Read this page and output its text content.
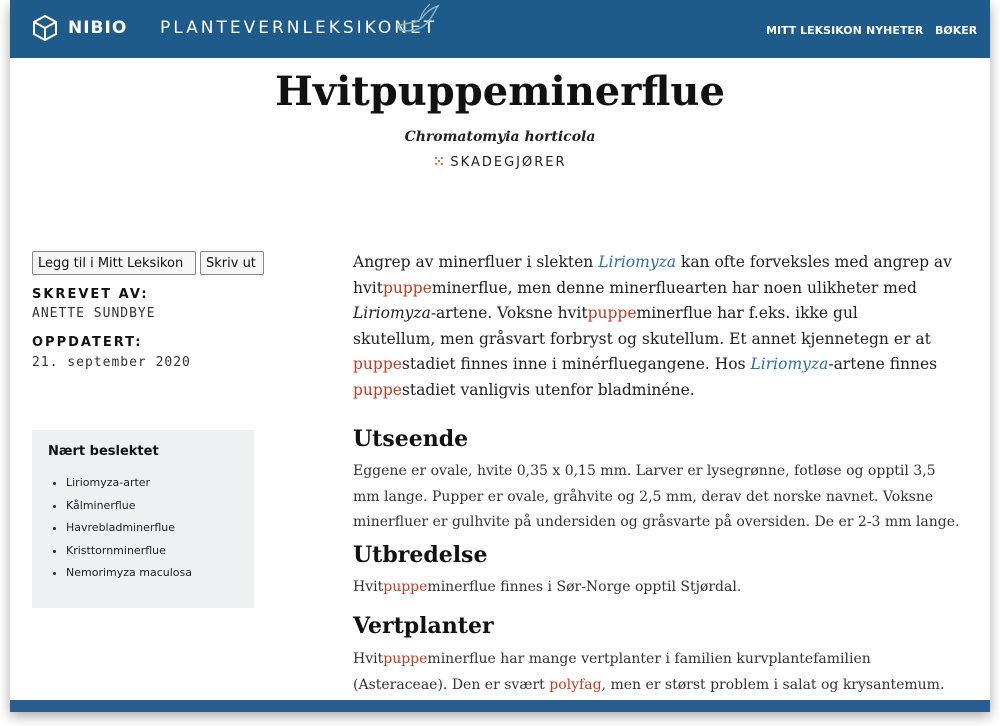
NIBIO PLANTEVERNLEKSIKONET	MITT LEKSIKON NYHETER BØKER
Hvitpuppeminerflue
Chromatomyia horticola
⁙ SKADEGJØRER
Legg til i Mitt Leksikon	Skriv ut
SKREVET AV:
ANETTE SUNDBYE
OPPDATERT:
21. september 2020
Nært beslektet
• Liriomyza-arter
• Kålminerflue
• Havrebladminerflue
• Kristtornminerflue
• Nemorimyza maculosa
Angrep av minerfluer i slekten Liriomyza kan ofte forveksles med angrep av
hvitpuppeminerflue, men denne minerfluearten har noen ulikheter med
Liriomyza-artene. Voksne hvitpuppeminerflue har f.eks. ikke gul
skutellum, men gråsvart forbryst og skutellum. Et annet kjennetegn er at
puppestadiet finnes inne i minérfluegangene. Hos Liriomyza-artene finnes
puppestadiet vanligvis utenfor bladminéne.
Utseende
Eggene er ovale, hvite 0,35 x 0,15 mm. Larver er lysegrønne, fotløse og opptil 3,5
mm lange. Pupper er ovale, gråhvite og 2,5 mm, derav det norske navnet. Voksne
minerfluer er gulhvite på undersiden og gråsvarte på oversiden. De er 2-3 mm lange.
Utbredelse
Hvitpuppeminerflue finnes i Sør-Norge opptil Stjørdal.
Vertplanter
Hvitpuppeminerflue har mange vertplanter i familien kurvplantefamilien
(Asteraceae). Den er svært polyfag, men er størst problem i salat og krysantemum.
